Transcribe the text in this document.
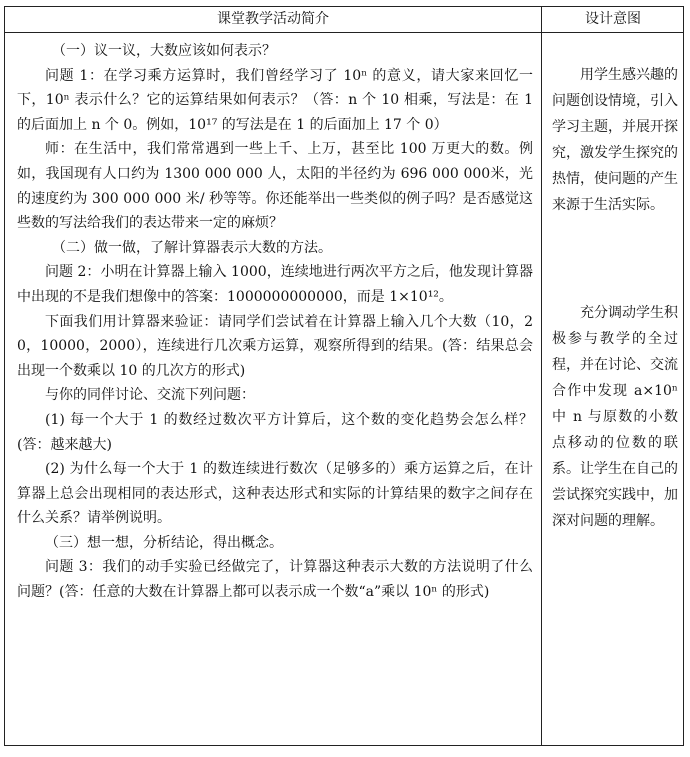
课堂教学活动简介	设计意图

（一）议一议，大数应该如何表示？

问题 1：在学习乘方运算时，我们曾经学习了 10ⁿ 的意义，请大家来回忆一下，10ⁿ 表示什么？它的运算结果如何表示？（答：n 个 10 相乘，写法是：在 1 的后面加上 n 个 0。例如，10¹⁷ 的写法是在 1 的后面加上 17 个 0）

师：在生活中，我们常常遇到一些上千、上万，甚至比 100 万更大的数。例如，我国现有人口约为 1300 000 000 人，太阳的半径约为 696 000 000米，光的速度约为 300 000 000 米/ 秒等等。你还能举出一些类似的例子吗？是否感觉这些数的写法给我们的表达带来一定的麻烦？

（二）做一做，了解计算器表示大数的方法。

问题 2：小明在计算器上输入 1000，连续地进行两次平方之后，他发现计算器中出现的不是我们想像中的答案：1000000000000，而是 1×10¹²。

下面我们用计算器来验证：请同学们尝试着在计算器上输入几个大数（10，20，10000，2000），连续进行几次乘方运算，观察所得到的结果。(答：结果总会出现一个数乘以 10 的几次方的形式)

与你的同伴讨论、交流下列问题：

(1) 每一个大于 1 的数经过数次平方计算后，这个数的变化趋势会怎么样？(答：越来越大)

(2) 为什么每一个大于 1 的数连续进行数次（足够多的）乘方运算之后，在计算器上总会出现相同的表达形式，这种表达形式和实际的计算结果的数字之间存在什么关系？请举例说明。

（三）想一想，分析结论，得出概念。

问题 3：我们的动手实验已经做完了，计算器这种表示大数的方法说明了什么问题？(答：任意的大数在计算器上都可以表示成一个数“a”乘以 10ⁿ 的形式)

用学生感兴趣的问题创设情境，引入学习主题，并展开探究，激发学生探究的热情，使问题的产生来源于生活实际。

充分调动学生积极参与教学的全过程，并在讨论、交流合作中发现 a×10ⁿ 中 n 与原数的小数点移动的位数的联系。让学生在自己的尝试探究实践中，加深对问题的理解。
